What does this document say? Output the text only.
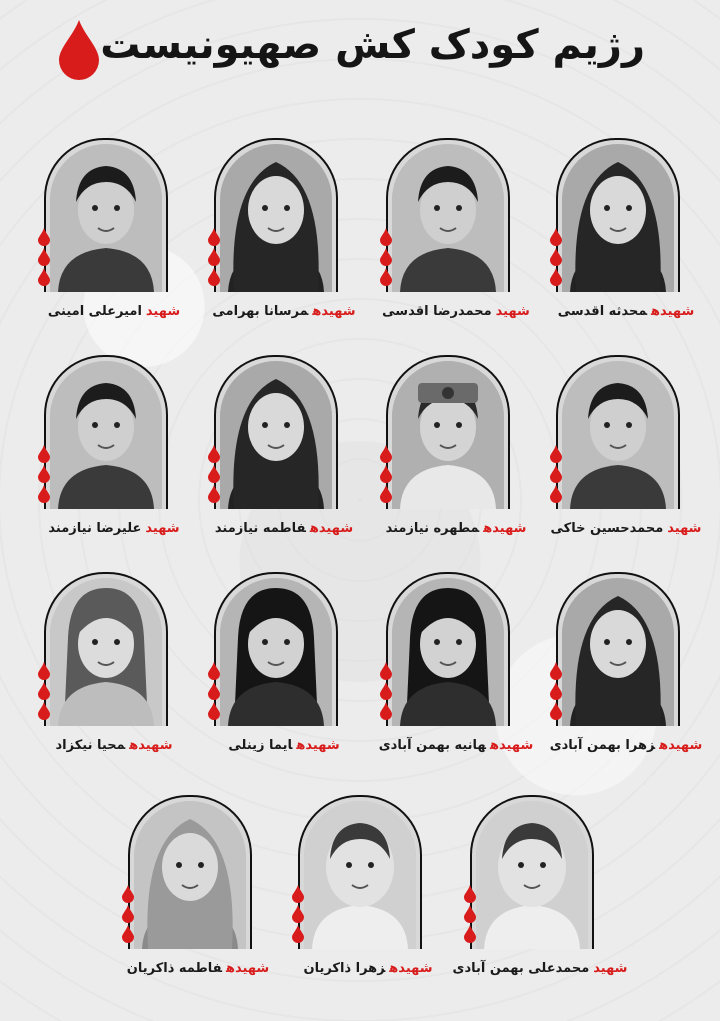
رژیم کودک کش صهیونیست
شهیدهمحدثه اقدسی
شهیدمحمدرضا اقدسی
شهیدهمرسانا بهرامی
شهیدامیرعلی امینی
شهیدمحمدحسین خاکی
شهیدهمطهره نیازمند
شهیدهفاطمه نیازمند
شهیدعلیرضا نیازمند
شهیدهزهرا بهمن آبادی
شهیدههانیه بهمن آبادی
شهیدهایما زینلی
شهیدهمحیا نیکزاد
شهیدمحمدعلی بهمن آبادی
شهیدهزهرا ذاکریان
شهیدهفاطمه ذاکریان
